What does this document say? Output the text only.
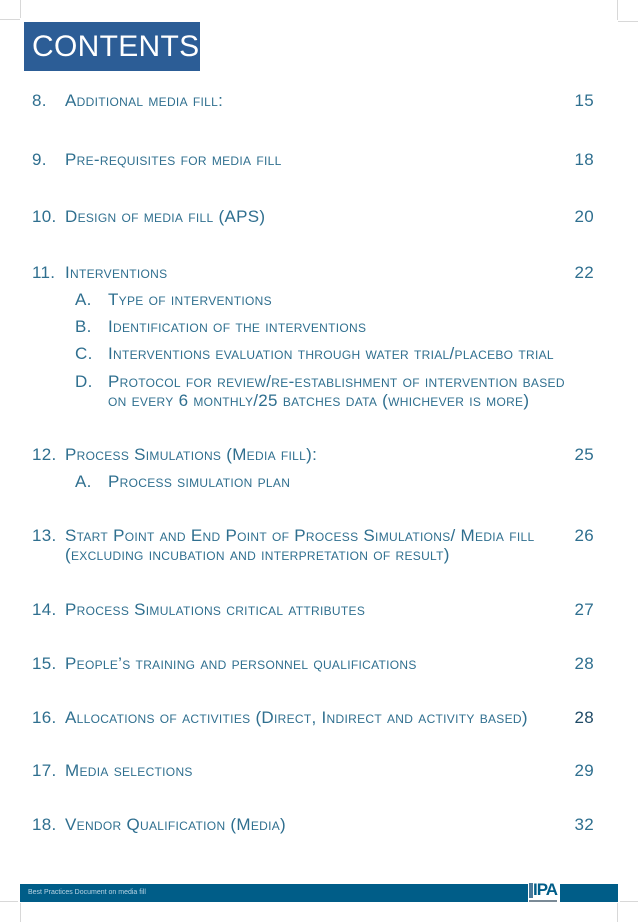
CONTENTS
8. Additional media fill:	15
9. Pre-requisites for media fill	18
10. Design of media fill (APS)	20
11. Interventions	22
A. Type of interventions
B. Identification of the interventions
C. Interventions evaluation through water trial/placebo trial
D. Protocol for review/re-establishment of intervention based
on every 6 monthly/25 batches data (whichever is more)
12. Process Simulations (Media fill):	25
A. Process simulation plan
13. Start Point and End Point of Process Simulations/ Media fill 26
(excluding incubation and interpretation of result)
14. Process Simulations critical attributes	27
15. People’s training and personnel qualifications	28
16. Allocations of activities (Direct, Indirect and activity based)	28
17. Media selections	29
18. Vendor Qualification (Media)	32
Best Practices Document on media fill	IPA
